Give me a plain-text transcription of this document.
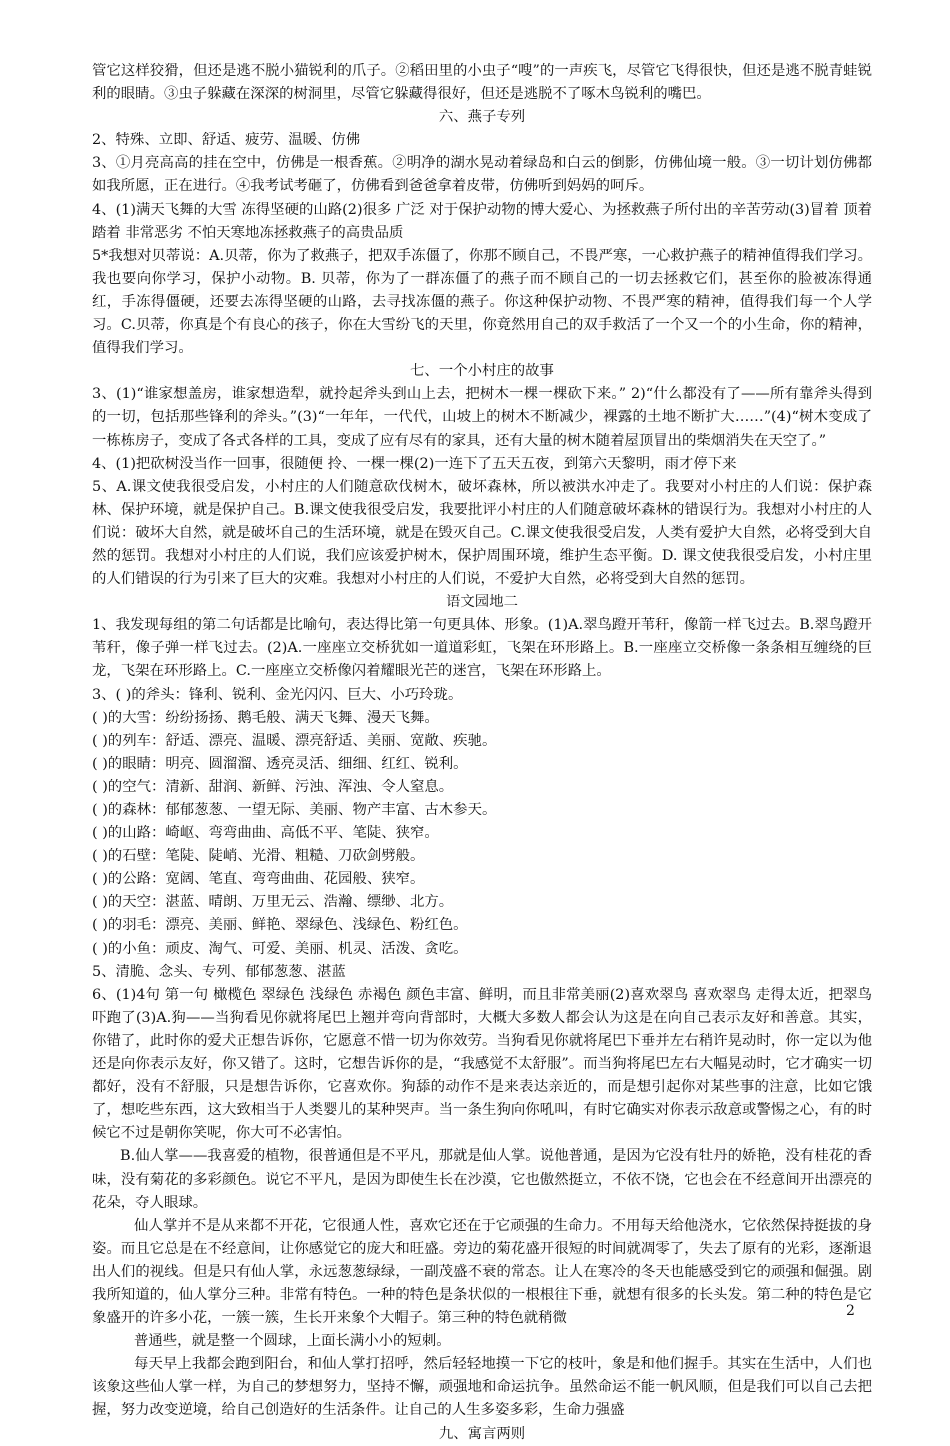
管它这样狡猾，但还是逃不脱小猫锐利的爪子。②稻田里的小虫子“嗖”的一声疾飞，尽管它飞得很快，但还是逃不脱青蛙锐利的眼睛。③虫子躲藏在深深的树洞里，尽管它躲藏得很好，但还是逃脱不了啄木鸟锐利的嘴巴。

六、燕子专列

2、特殊、立即、舒适、疲劳、温暖、仿佛

3、①月亮高高的挂在空中，仿佛是一根香蕉。②明净的湖水晃动着绿岛和白云的倒影，仿佛仙境一般。③一切计划仿佛都如我所愿，正在进行。④我考试考砸了，仿佛看到爸爸拿着皮带，仿佛听到妈妈的呵斥。

4、(1)满天飞舞的大雪 冻得坚硬的山路(2)很多 广泛 对于保护动物的博大爱心、为拯救燕子所付出的辛苦劳动(3)冒着 顶着 踏着 非常恶劣 不怕天寒地冻拯救燕子的高贵品质

5*我想对贝蒂说：A.贝蒂，你为了救燕子，把双手冻僵了，你那不顾自己，不畏严寒，一心救护燕子的精神值得我们学习。我也要向你学习，保护小动物。B. 贝蒂，你为了一群冻僵了的燕子而不顾自己的一切去拯救它们，甚至你的脸被冻得通红，手冻得僵硬，还要去冻得坚硬的山路，去寻找冻僵的燕子。你这种保护动物、不畏严寒的精神，值得我们每一个人学习。C.贝蒂，你真是个有良心的孩子，你在大雪纷飞的天里，你竟然用自己的双手救活了一个又一个的小生命，你的精神，值得我们学习。

七、一个小村庄的故事

3、(1)“谁家想盖房，谁家想造犁，就拎起斧头到山上去，把树木一棵一棵砍下来。” 2)“什么都没有了——所有靠斧头得到的一切，包括那些锋利的斧头。”(3)“一年年，一代代，山坡上的树木不断减少，裸露的土地不断扩大……”(4)“树木变成了一栋栋房子，变成了各式各样的工具，变成了应有尽有的家具，还有大量的树木随着屋顶冒出的柴烟消失在天空了。”

4、(1)把砍树没当作一回事，很随便 拎、一棵一棵(2)一连下了五天五夜，到第六天黎明，雨才停下来

5、A.课文使我很受启发，小村庄的人们随意砍伐树木，破坏森林，所以被洪水冲走了。我要对小村庄的人们说：保护森林、保护环境，就是保护自己。B.课文使我很受启发，我要批评小村庄的人们随意破坏森林的错误行为。我想对小村庄的人们说：破坏大自然，就是破坏自己的生活环境，就是在毁灭自己。C.课文使我很受启发，人类有爱护大自然，必将受到大自然的惩罚。我想对小村庄的人们说，我们应该爱护树木，保护周围环境，维护生态平衡。D. 课文使我很受启发，小村庄里的人们错误的行为引来了巨大的灾难。我想对小村庄的人们说，不爱护大自然，必将受到大自然的惩罚。

语文园地二

1、我发现每组的第二句话都是比喻句，表达得比第一句更具体、形象。(1)A.翠鸟蹬开苇秆，像箭一样飞过去。B.翠鸟蹬开苇秆，像子弹一样飞过去。(2)A.一座座立交桥犹如一道道彩虹，飞架在环形路上。B.一座座立交桥像一条条相互缠绕的巨龙，飞架在环形路上。C.一座座立交桥像闪着耀眼光芒的迷宫，飞架在环形路上。

3、( )的斧头：锋利、锐利、金光闪闪、巨大、小巧玲珑。

( )的大雪：纷纷扬扬、鹅毛般、满天飞舞、漫天飞舞。

( )的列车：舒适、漂亮、温暖、漂亮舒适、美丽、宽敞、疾驰。

( )的眼睛：明亮、圆溜溜、透亮灵活、细细、红红、锐利。

( )的空气：清新、甜润、新鲜、污浊、浑浊、令人窒息。

( )的森林：郁郁葱葱、一望无际、美丽、物产丰富、古木参天。

( )的山路：崎岖、弯弯曲曲、高低不平、笔陡、狭窄。

( )的石壁：笔陡、陡峭、光滑、粗糙、刀砍剑劈般。

( )的公路：宽阔、笔直、弯弯曲曲、花园般、狭窄。

( )的天空：湛蓝、晴朗、万里无云、浩瀚、缥缈、北方。

( )的羽毛：漂亮、美丽、鲜艳、翠绿色、浅绿色、粉红色。

( )的小鱼：顽皮、淘气、可爱、美丽、机灵、活泼、贪吃。

5、清脆、念头、专列、郁郁葱葱、湛蓝

6、(1)4句 第一句 橄榄色 翠绿色 浅绿色 赤褐色 颜色丰富、鲜明，而且非常美丽(2)喜欢翠鸟 喜欢翠鸟 走得太近，把翠鸟吓跑了(3)A.狗——当狗看见你就将尾巴上翘并弯向背部时，大概大多数人都会认为这是在向自己表示友好和善意。其实，你错了，此时你的爱犬正想告诉你，它愿意不惜一切为你效劳。当狗看见你就将尾巴下垂并左右稍许晃动时，你一定以为他还是向你表示友好，你又错了。这时，它想告诉你的是，“我感觉不太舒服”。而当狗将尾巴左右大幅晃动时，它才确实一切都好，没有不舒服，只是想告诉你，它喜欢你。狗舔的动作不是来表达亲近的，而是想引起你对某些事的注意，比如它饿了，想吃些东西，这大致相当于人类婴儿的某种哭声。当一条生狗向你吼叫，有时它确实对你表示敌意或警惕之心，有的时候它不过是朝你笑呢，你大可不必害怕。

B.仙人掌——我喜爱的植物，很普通但是不平凡，那就是仙人掌。说他普通，是因为它没有牡丹的娇艳，没有桂花的香味，没有菊花的多彩颜色。说它不平凡，是因为即使生长在沙漠，它也傲然挺立，不依不饶，它也会在不经意间开出漂亮的花朵，夺人眼球。

仙人掌并不是从来都不开花，它很通人性，喜欢它还在于它顽强的生命力。不用每天给他浇水，它依然保持挺拔的身姿。而且它总是在不经意间，让你感觉它的庞大和旺盛。旁边的菊花盛开很短的时间就凋零了，失去了原有的光彩，逐渐退出人们的视线。但是只有仙人掌，永远葱葱绿绿，一副茂盛不衰的常态。让人在寒冷的冬天也能感受到它的顽强和倔强。剧我所知道的，仙人掌分三种。非常有特色。一种的特色是条状似的一根根往下垂，就想有很多的长头发。第二种的特色是它象盛开的许多小花，一簇一簇，生长开来象个大帽子。第三种的特色就稍微

普通些，就是整一个圆球，上面长满小小的短刺。

每天早上我都会跑到阳台，和仙人掌打招呼，然后轻轻地摸一下它的枝叶，象是和他们握手。其实在生活中，人们也该象这些仙人掌一样，为自己的梦想努力，坚持不懈，顽强地和命运抗争。虽然命运不能一帆风顺，但是我们可以自己去把握，努力改变逆境，给自己创造好的生活条件。让自己的人生多姿多彩，生命力强盛

九、寓言两则

2
